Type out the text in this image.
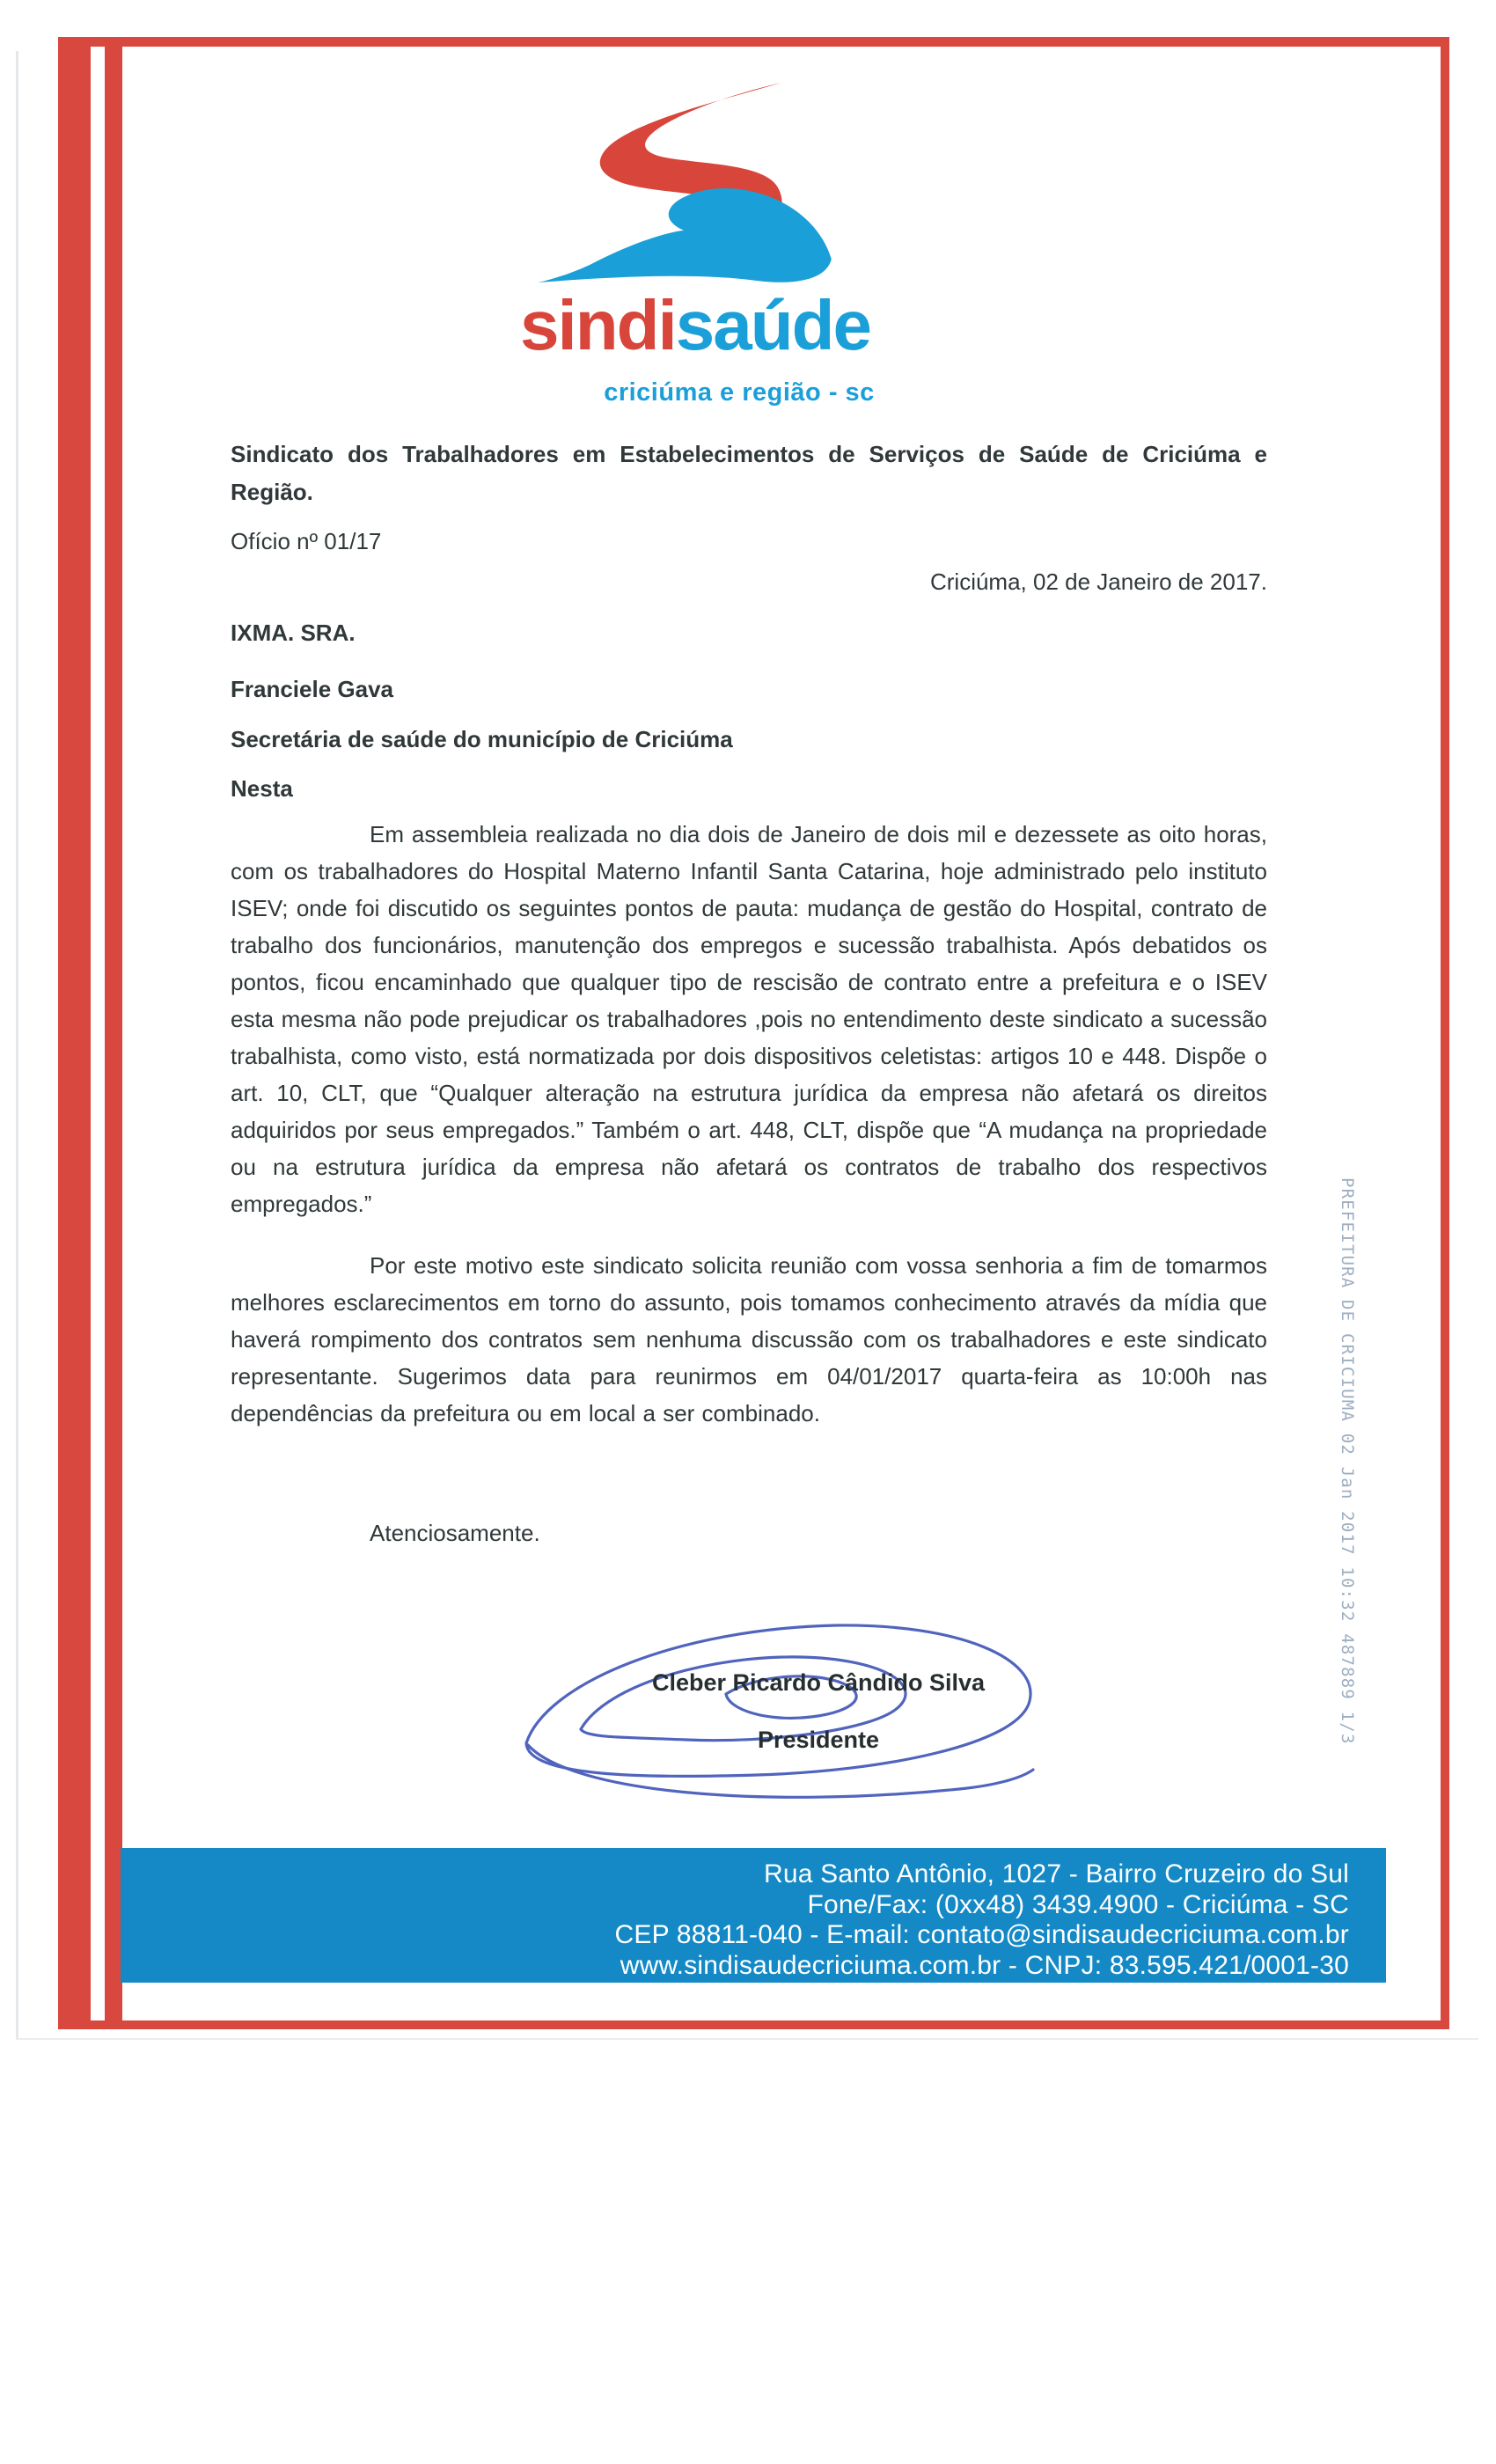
sindisaúde
criciúma e região - sc
Sindicato dos Trabalhadores em Estabelecimentos de Serviços de Saúde de Criciúma e
Região.
Ofício nº 01/17
Criciúma, 02 de Janeiro de 2017.
IXMA. SRA.
Franciele Gava
Secretária de saúde do município de Criciúma
Nesta

Em assembleia realizada no dia dois de Janeiro de dois mil e dezessete as oito horas, com os trabalhadores do Hospital Materno Infantil Santa Catarina, hoje administrado pelo instituto ISEV; onde foi discutido os seguintes pontos de pauta: mudança de gestão do Hospital, contrato de trabalho dos funcionários, manutenção dos empregos e sucessão trabalhista. Após debatidos os pontos, ficou encaminhado que qualquer tipo de rescisão de contrato entre a prefeitura e o ISEV esta mesma não pode prejudicar os trabalhadores ,pois no entendimento deste sindicato a sucessão trabalhista, como visto, está normatizada por dois dispositivos celetistas: artigos 10 e 448. Dispõe o art. 10, CLT, que “Qualquer alteração na estrutura jurídica da empresa não afetará os direitos adquiridos por seus empregados.” Também o art. 448, CLT, dispõe que “A mudança na propriedade ou na estrutura jurídica da empresa não afetará os contratos de trabalho dos respectivos empregados.”

Por este motivo este sindicato solicita reunião com vossa senhoria a fim de tomarmos melhores esclarecimentos em torno do assunto, pois tomamos conhecimento através da mídia que haverá rompimento dos contratos sem nenhuma discussão com os trabalhadores e este sindicato representante. Sugerimos data para reunirmos em 04/01/2017 quarta-feira as 10:00h nas dependências da prefeitura ou em local a ser combinado.

Atenciosamente.
Cleber Ricardo Cândido Silva
Presidente	PREFEITURA DE CRICIUMA 02 Jan 2017 10:32 487889 1/3
Rua Santo Antônio, 1027 - Bairro Cruzeiro do Sul
Fone/Fax: (0xx48) 3439.4900 - Criciúma - SC
CEP 88811-040 - E-mail: contato@sindisaudecriciuma.com.br
www.sindisaudecriciuma.com.br - CNPJ: 83.595.421/0001-30
